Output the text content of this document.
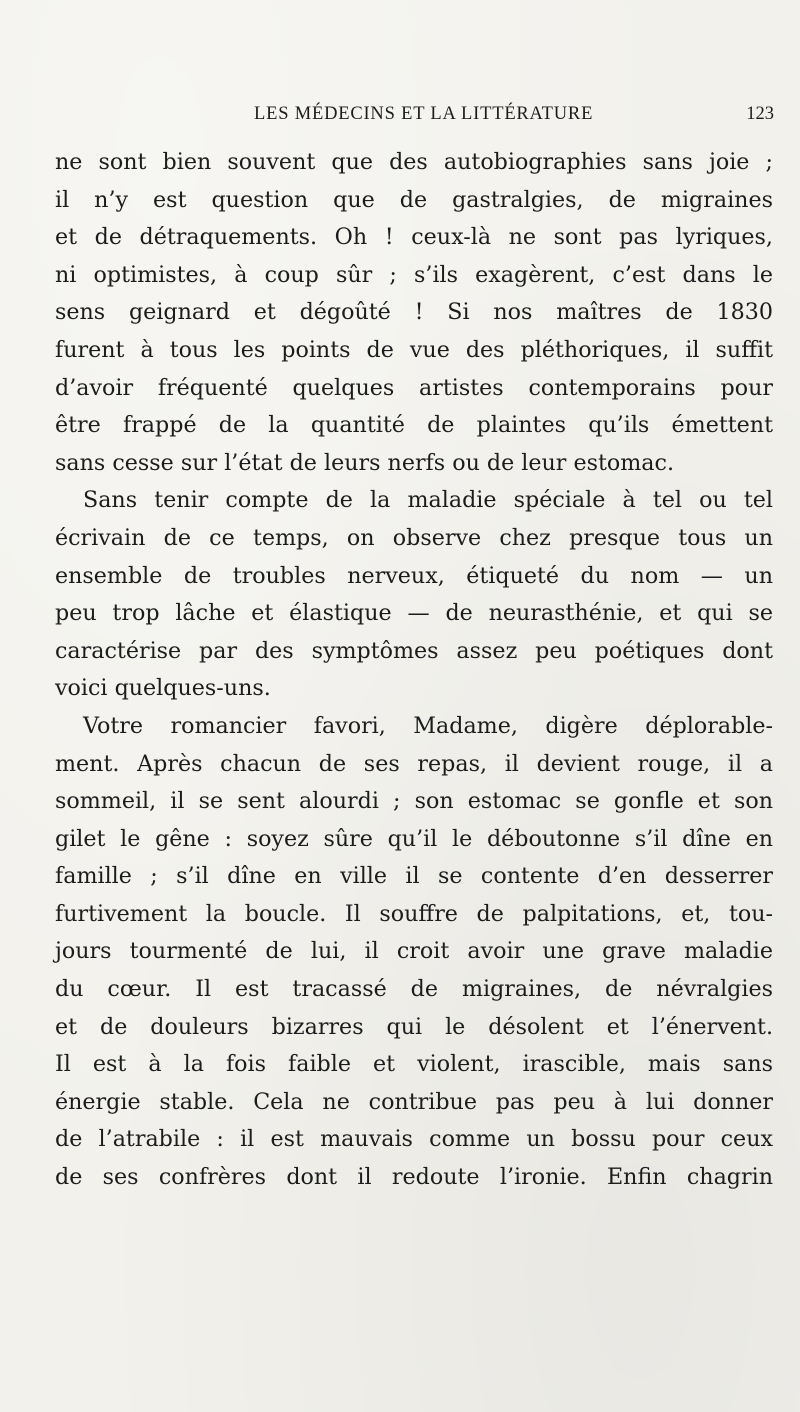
LES MÉDECINS ET LA LITTÉRATURE	123
ne sont bien souvent que des autobiographies sans joie ;
il n’y est question que de gastralgies, de migraines
et de détraquements. Oh ! ceux-là ne sont pas lyriques,
ni optimistes, à coup sûr ; s’ils exagèrent, c’est dans le
sens geignard et dégoûté ! Si nos maîtres de 1830
furent à tous les points de vue des pléthoriques, il suffit
d’avoir fréquenté quelques artistes contemporains pour
être frappé de la quantité de plaintes qu’ils émettent
sans cesse sur l’état de leurs nerfs ou de leur estomac.
Sans tenir compte de la maladie spéciale à tel ou tel
écrivain de ce temps, on observe chez presque tous un
ensemble de troubles nerveux, étiqueté du nom — un
peu trop lâche et élastique — de neurasthénie, et qui se
caractérise par des symptômes assez peu poétiques dont
voici quelques-uns.
Votre romancier favori, Madame, digère déplorable-
ment. Après chacun de ses repas, il devient rouge, il a
sommeil, il se sent alourdi ; son estomac se gonfle et son
gilet le gêne : soyez sûre qu’il le déboutonne s’il dîne en
famille ; s’il dîne en ville il se contente d’en desserrer
furtivement la boucle. Il souffre de palpitations, et, tou-
jours tourmenté de lui, il croit avoir une grave maladie
du cœur. Il est tracassé de migraines, de névralgies
et de douleurs bizarres qui le désolent et l’énervent.
Il est à la fois faible et violent, irascible, mais sans
énergie stable. Cela ne contribue pas peu à lui donner
de l’atrabile : il est mauvais comme un bossu pour ceux
de ses confrères dont il redoute l’ironie. Enfin chagrin
